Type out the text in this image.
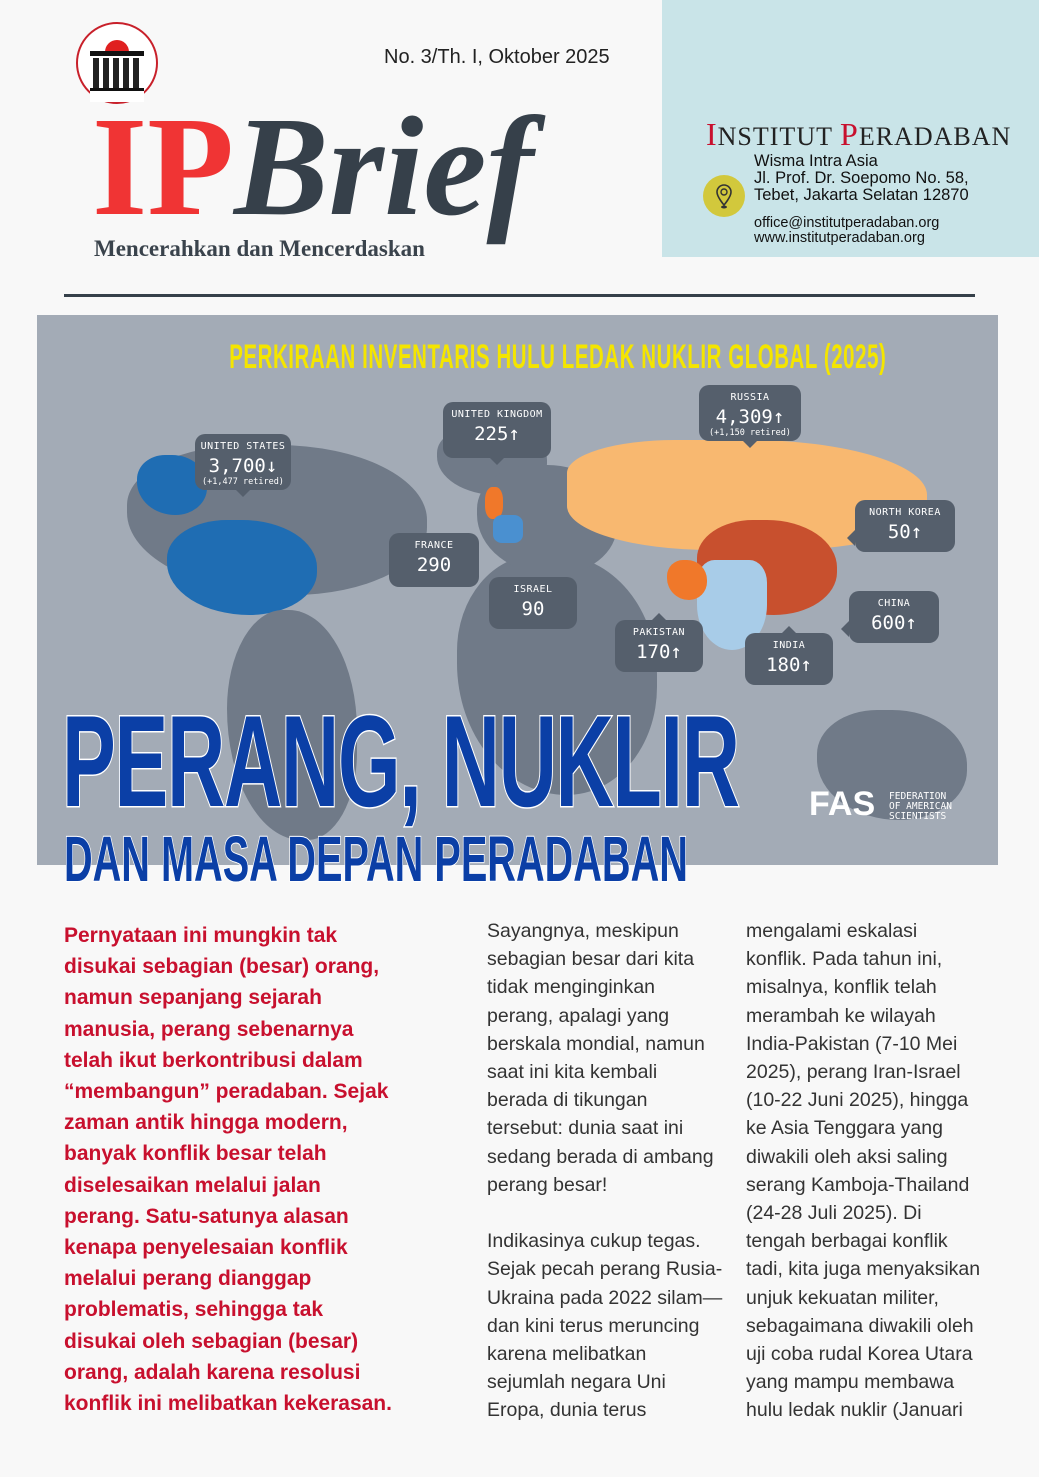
No. 3/Th. I, Oktober 2025
IPBrief
Mencerahkan dan Mencerdaskan
INSTITUT PERADABAN
Wisma Intra Asia
Jl. Prof. Dr. Soepomo No. 58,
Tebet, Jakarta Selatan 12870
office@institutperadaban.org
www.institutperadaban.org
PERKIRAAN INVENTARIS HULU LEDAK NUKLIR GLOBAL (2025)
UNITED STATES
3,700↓
(+1,477 retired)
UNITED KINGDOM
225↑
RUSSIA
4,309↑
(+1,150 retired)
FRANCE
290
NORTH KOREA
50↑
ISRAEL
90	CHINA
600↑
PAKISTAN
170↑	INDIA
180↑
FAS FEDERATION
OF AMERICAN
SCIENTISTS
PERANG, NUKLIR
DAN MASA DEPAN PERADABAN
Pernyataan ini mungkin tak
disukai sebagian (besar) orang,
namun sepanjang sejarah
manusia, perang sebenarnya
telah ikut berkontribusi dalam
“membangun” peradaban. Sejak
zaman antik hingga modern,
banyak konflik besar telah
diselesaikan melalui jalan
perang. Satu-satunya alasan
kenapa penyelesaian konflik
melalui perang dianggap
problematis, sehingga tak
disukai oleh sebagian (besar)
orang, adalah karena resolusi
konflik ini melibatkan kekerasan.
Sayangnya, meskipun
sebagian besar dari kita
tidak menginginkan
perang, apalagi yang
berskala mondial, namun
saat ini kita kembali
berada di tikungan
tersebut: dunia saat ini
sedang berada di ambang
perang besar!

Indikasinya cukup tegas.
Sejak pecah perang Rusia-
Ukraina pada 2022 silam—
dan kini terus meruncing
karena melibatkan
sejumlah negara Uni
Eropa, dunia terus
mengalami eskalasi
konflik. Pada tahun ini,
misalnya, konflik telah
merambah ke wilayah
India-Pakistan (7-10 Mei
2025), perang Iran-Israel
(10-22 Juni 2025), hingga
ke Asia Tenggara yang
diwakili oleh aksi saling
serang Kamboja-Thailand
(24-28 Juli 2025). Di
tengah berbagai konflik
tadi, kita juga menyaksikan
unjuk kekuatan militer,
sebagaimana diwakili oleh
uji coba rudal Korea Utara
yang mampu membawa
hulu ledak nuklir (Januari
